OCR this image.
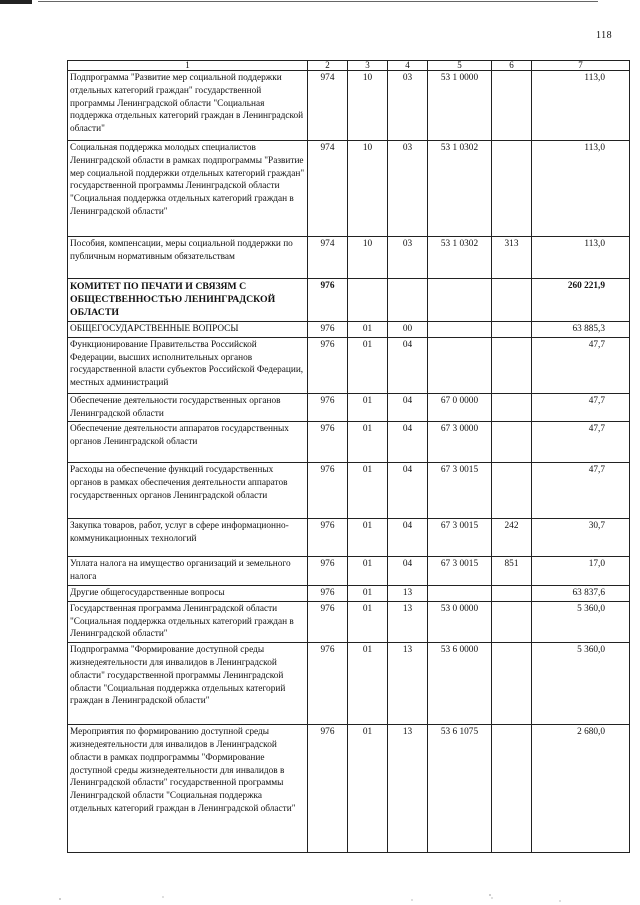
118
1	2	3	4	5	6	7
Подпрограмма "Развитие мер социальной поддержки отдельных категорий граждан" государственной программы Ленинградской области "Социальная поддержка отдельных категорий граждан в Ленинградской области"	974	10	03	53 1 0000		113,0
Социальная поддержка молодых специалистов Ленинградской области в рамках подпрограммы "Развитие мер социальной поддержки отдельных категорий граждан" государственной программы Ленинградской области "Социальная поддержка отдельных категорий граждан в Ленинградской области"	974	10	03	53 1 0302		113,0
Пособия, компенсации, меры социальной поддержки по публичным нормативным обязательствам	974	10	03	53 1 0302	313	113,0
КОМИТЕТ ПО ПЕЧАТИ И СВЯЗЯМ С ОБЩЕСТВЕННОСТЬЮ ЛЕНИНГРАДСКОЙ ОБЛАСТИ	976					260 221,9
ОБЩЕГОСУДАРСТВЕННЫЕ ВОПРОСЫ	976	01	00			63 885,3
Функционирование Правительства Российской Федерации, высших исполнительных органов государственной власти субъектов Российской Федерации, местных администраций	976	01	04			47,7
Обеспечение деятельности государственных органов Ленинградской области	976	01	04	67 0 0000		47,7
Обеспечение деятельности аппаратов государственных органов Ленинградской области	976	01	04	67 3 0000		47,7
Расходы на обеспечение функций государственных органов в рамках обеспечения деятельности аппаратов государственных органов Ленинградской области	976	01	04	67 3 0015		47,7
Закупка товаров, работ, услуг в сфере информационно-коммуникационных технологий	976	01	04	67 3 0015	242	30,7
Уплата налога на имущество организаций и земельного налога	976	01	04	67 3 0015	851	17,0
Другие общегосударственные вопросы	976	01	13			63 837,6
Государственная программа Ленинградской области "Социальная поддержка отдельных категорий граждан в Ленинградской области"	976	01	13	53 0 0000		5 360,0
Подпрограмма "Формирование доступной среды жизнедеятельности для инвалидов в Ленинградской области" государственной программы Ленинградской области "Социальная поддержка отдельных категорий граждан в Ленинградской области"	976	01	13	53 6 0000		5 360,0
Мероприятия по формированию доступной среды жизнедеятельности для инвалидов в Ленинградской области в рамках подпрограммы "Формирование доступной среды жизнедеятельности для инвалидов в Ленинградской области" государственной программы Ленинградской области "Социальная поддержка отдельных категорий граждан в Ленинградской области"	976	01	13	53 6 1075		2 680,0
